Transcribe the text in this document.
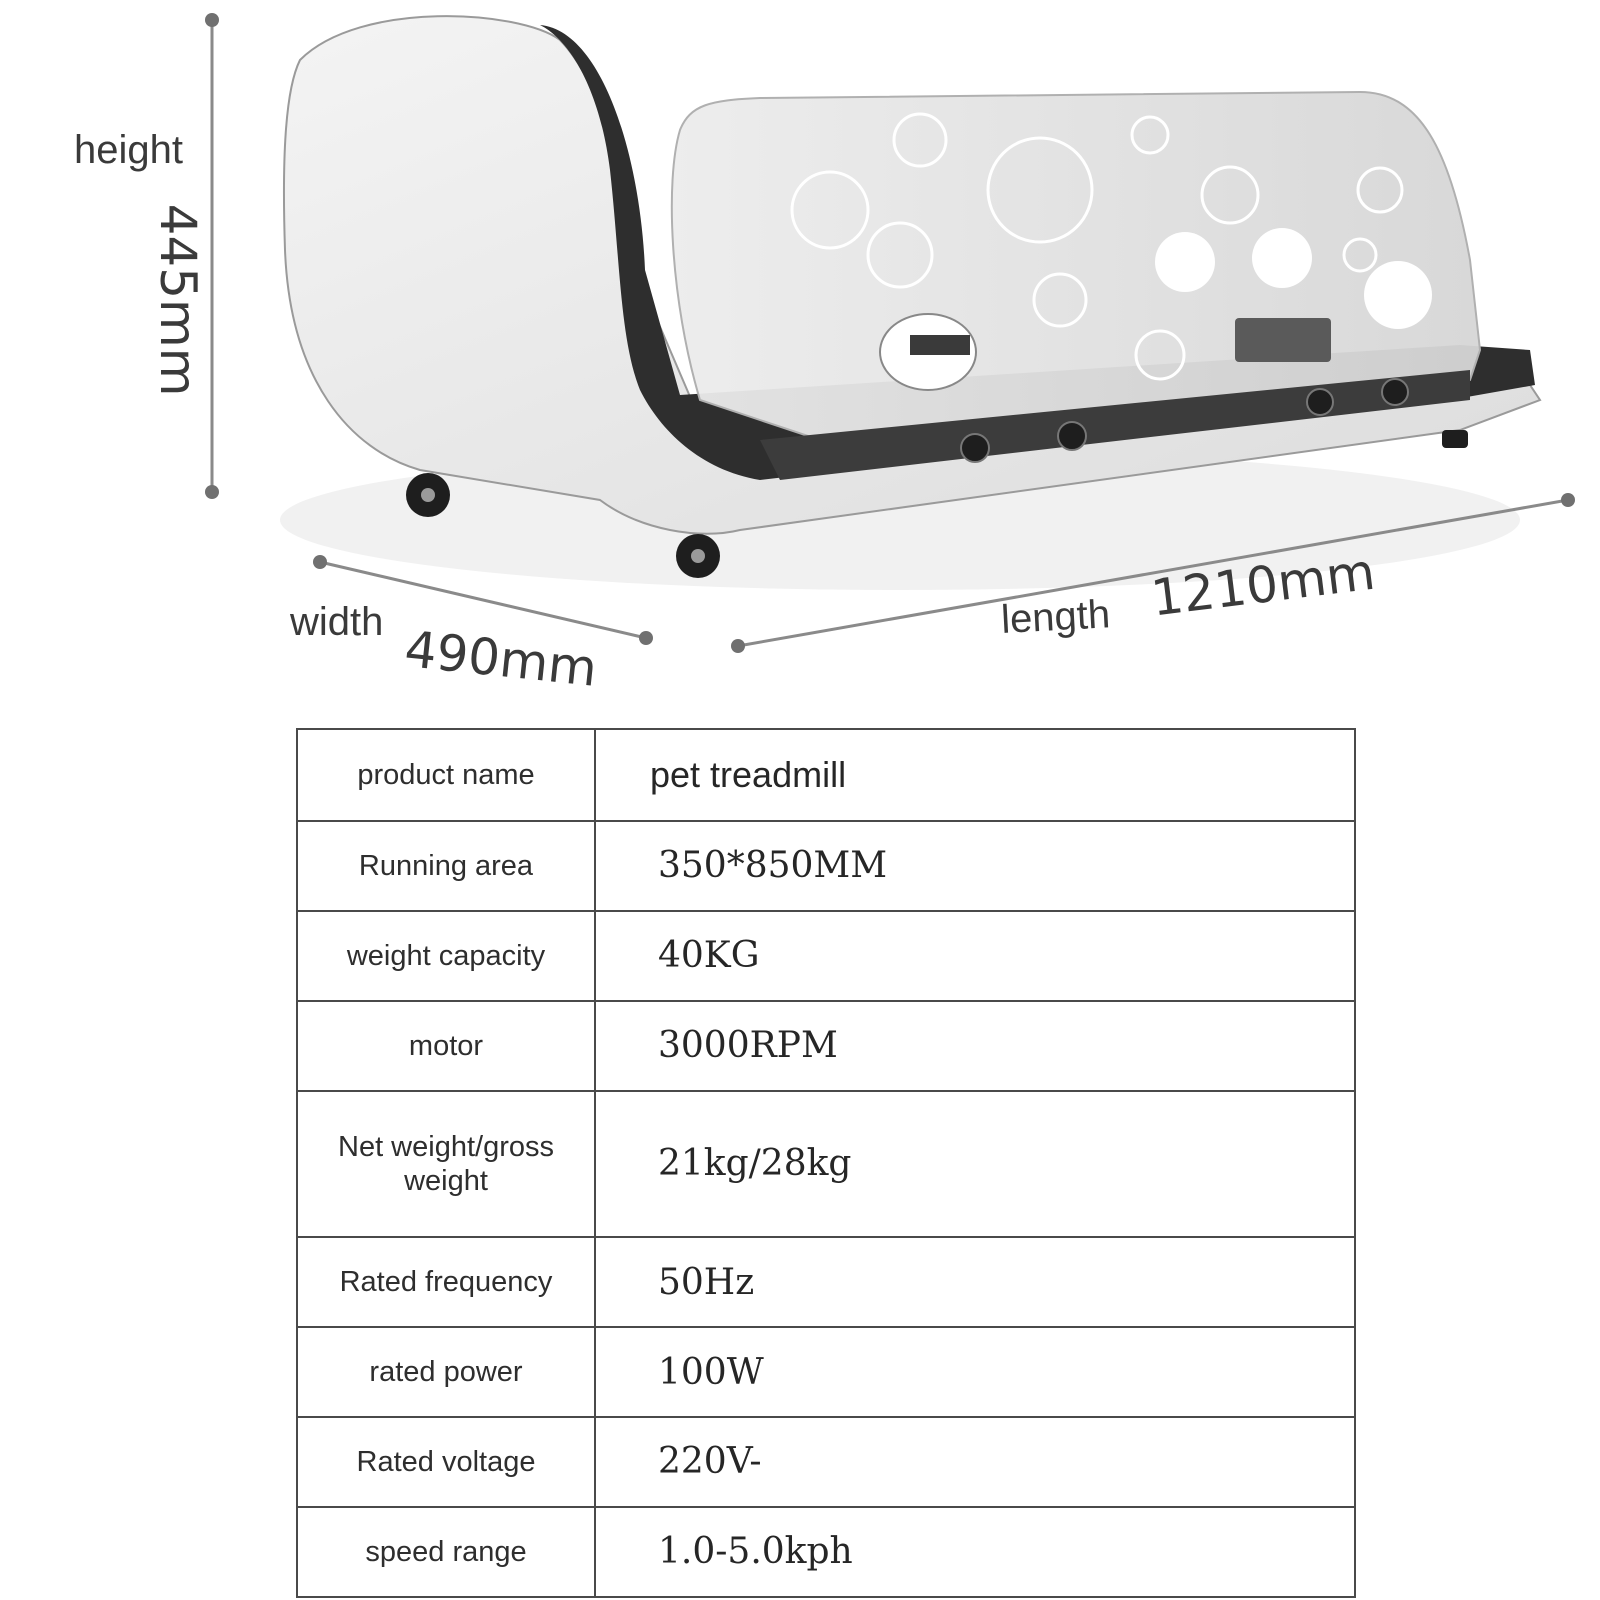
height
445mm
width 490mm
length 1210mm
product name	pet treadmill
Running area	350*850MM
weight capacity	40KG
motor	3000RPM
Net weight/gross weight	21kg/28kg
Rated frequency	50Hz
rated power	100W
Rated voltage	220V-
speed range	1.0-5.0kph
